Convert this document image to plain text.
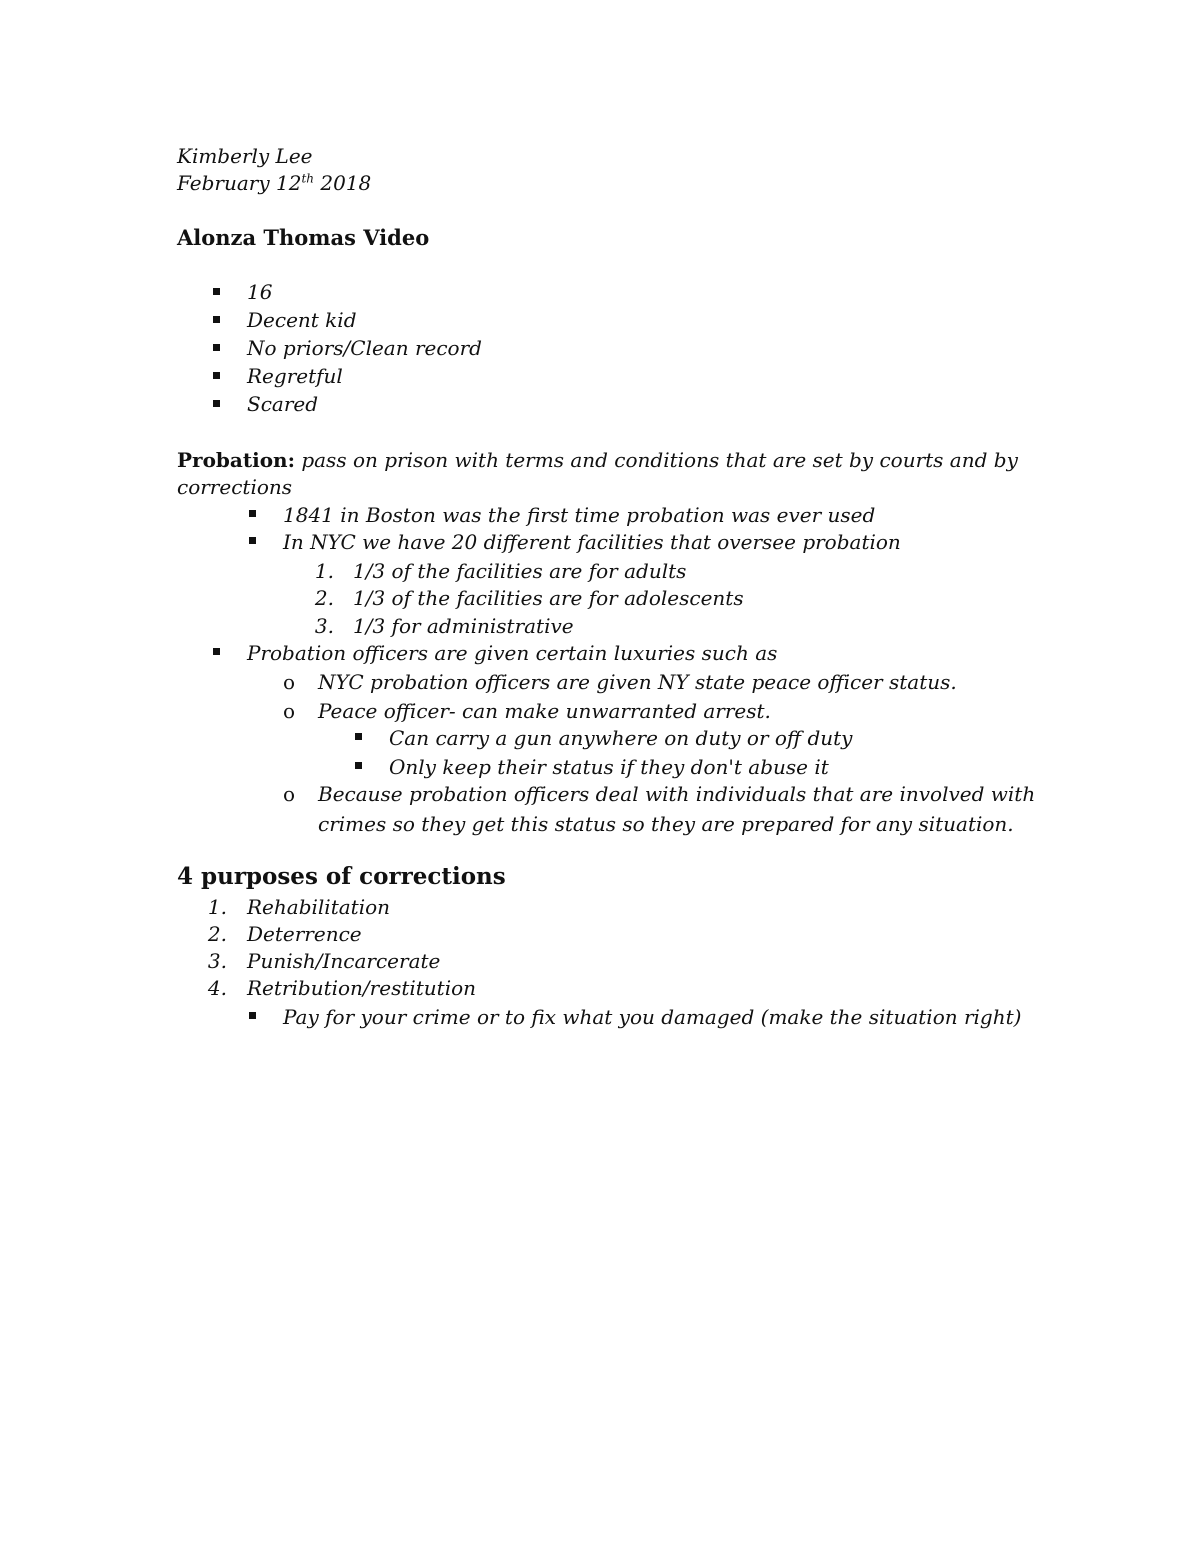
Kimberly Lee
February 12th 2018
Alonza Thomas Video
16
Decent kid
No priors/Clean record
Regretful
Scared
Probation: pass on prison with terms and conditions that are set by courts and by
corrections
1841 in Boston was the first time probation was ever used
In NYC we have 20 different facilities that oversee probation
1. 1/3 of the facilities are for adults
2. 1/3 of the facilities are for adolescents
3. 1/3 for administrative
Probation officers are given certain luxuries such as
o NYC probation officers are given NY state peace officer status.
o Peace officer- can make unwarranted arrest.
Can carry a gun anywhere on duty or off duty
Only keep their status if they don't abuse it
o Because probation officers deal with individuals that are involved with
crimes so they get this status so they are prepared for any situation.
4 purposes of corrections
1. Rehabilitation
2. Deterrence
3. Punish/Incarcerate
4. Retribution/restitution
Pay for your crime or to fix what you damaged (make the situation right)
